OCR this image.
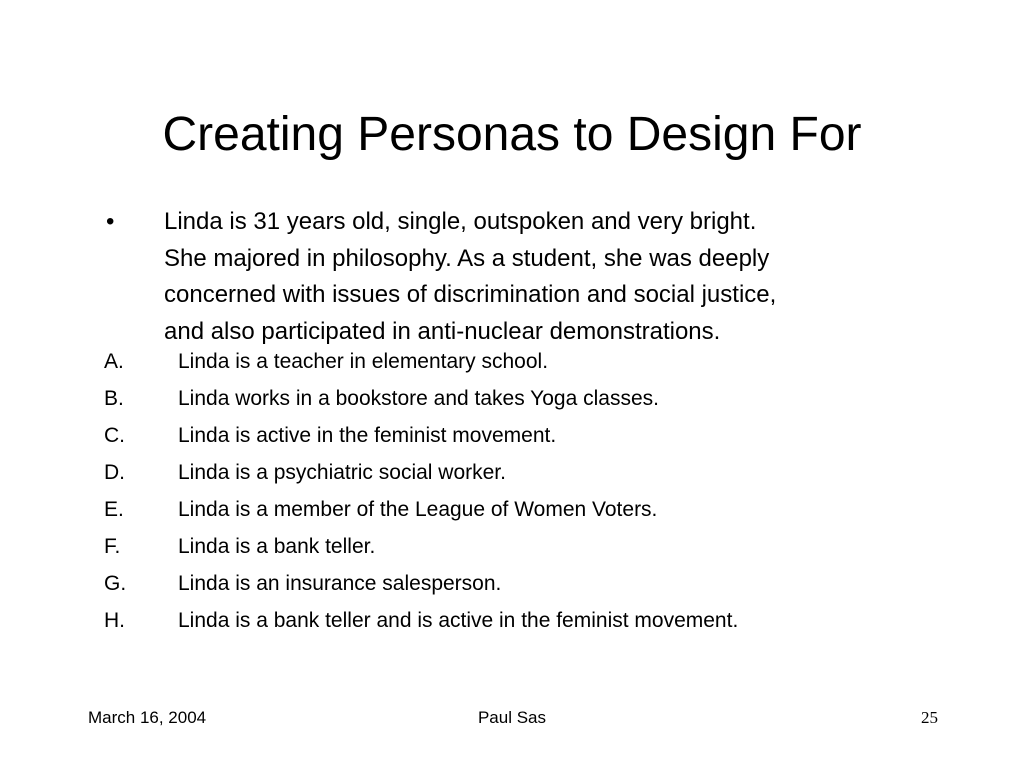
Creating Personas to Design For
• Linda is 31 years old, single, outspoken and very bright.
She majored in philosophy. As a student, she was deeply
concerned with issues of discrimination and social justice,
and also participated in anti-nuclear demonstrations.
A.	Linda is a teacher in elementary school.
B.	Linda works in a bookstore and takes Yoga classes.
C.	Linda is active in the feminist movement.
D.	Linda is a psychiatric social worker.
E.	Linda is a member of the League of Women Voters.
F.	Linda is a bank teller.
G. Linda is an insurance salesperson.
H.	Linda is a bank teller and is active in the feminist movement.
March 16, 2004	Paul Sas	25
